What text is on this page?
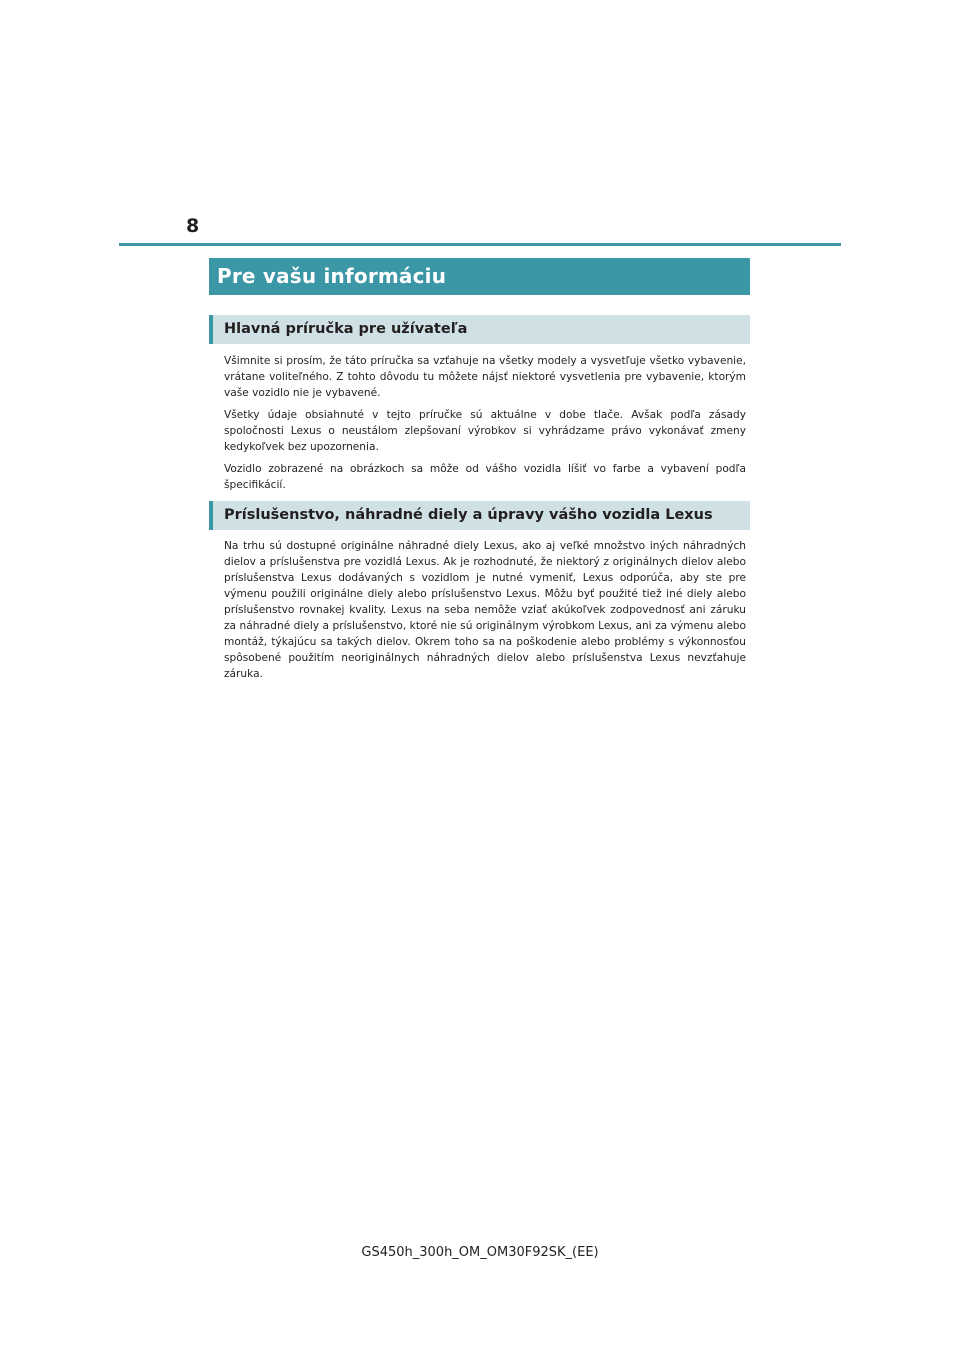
8
Pre vašu informáciu
Hlavná príručka pre užívateľa

Všimnite si prosím, že táto príručka sa vzťahuje na všetky modely a vysvetľuje všetko vybavenie, vrátane voliteľného. Z tohto dôvodu tu môžete nájsť niektoré vysvetlenia pre vybavenie, ktorým vaše vozidlo nie je vybavené.

Všetky údaje obsiahnuté v tejto príručke sú aktuálne v dobe tlače. Avšak podľa zásady spoločnosti Lexus o neustálom zlepšovaní výrobkov si vyhrádzame právo vykonávať zmeny kedykoľvek bez upozornenia.

Vozidlo zobrazené na obrázkoch sa môže od vášho vozidla líšiť vo farbe a vybavení podľa špecifikácií.

Príslušenstvo, náhradné diely a úpravy vášho vozidla Lexus

Na trhu sú dostupné originálne náhradné diely Lexus, ako aj veľké množstvo iných náhradných dielov a príslušenstva pre vozidlá Lexus. Ak je rozhodnuté, že niektorý z originálnych dielov alebo príslušenstva Lexus dodávaných s vozidlom je nutné vymeniť, Lexus odporúča, aby ste pre výmenu použili originálne diely alebo príslušenstvo Lexus. Môžu byť použité tiež iné diely alebo príslušenstvo rovnakej kvality. Lexus na seba nemôže vziať akúkoľvek zodpovednosť ani záruku za náhradné diely a príslušenstvo, ktoré nie sú originálnym výrobkom Lexus, ani za výmenu alebo montáž, týkajúcu sa takých dielov. Okrem toho sa na poškodenie alebo problémy s výkonnosťou spôsobené použitím neoriginálnych náhradných dielov alebo príslušenstva Lexus nevzťahuje záruka.

GS450h_300h_OM_OM30F92SK_(EE)
